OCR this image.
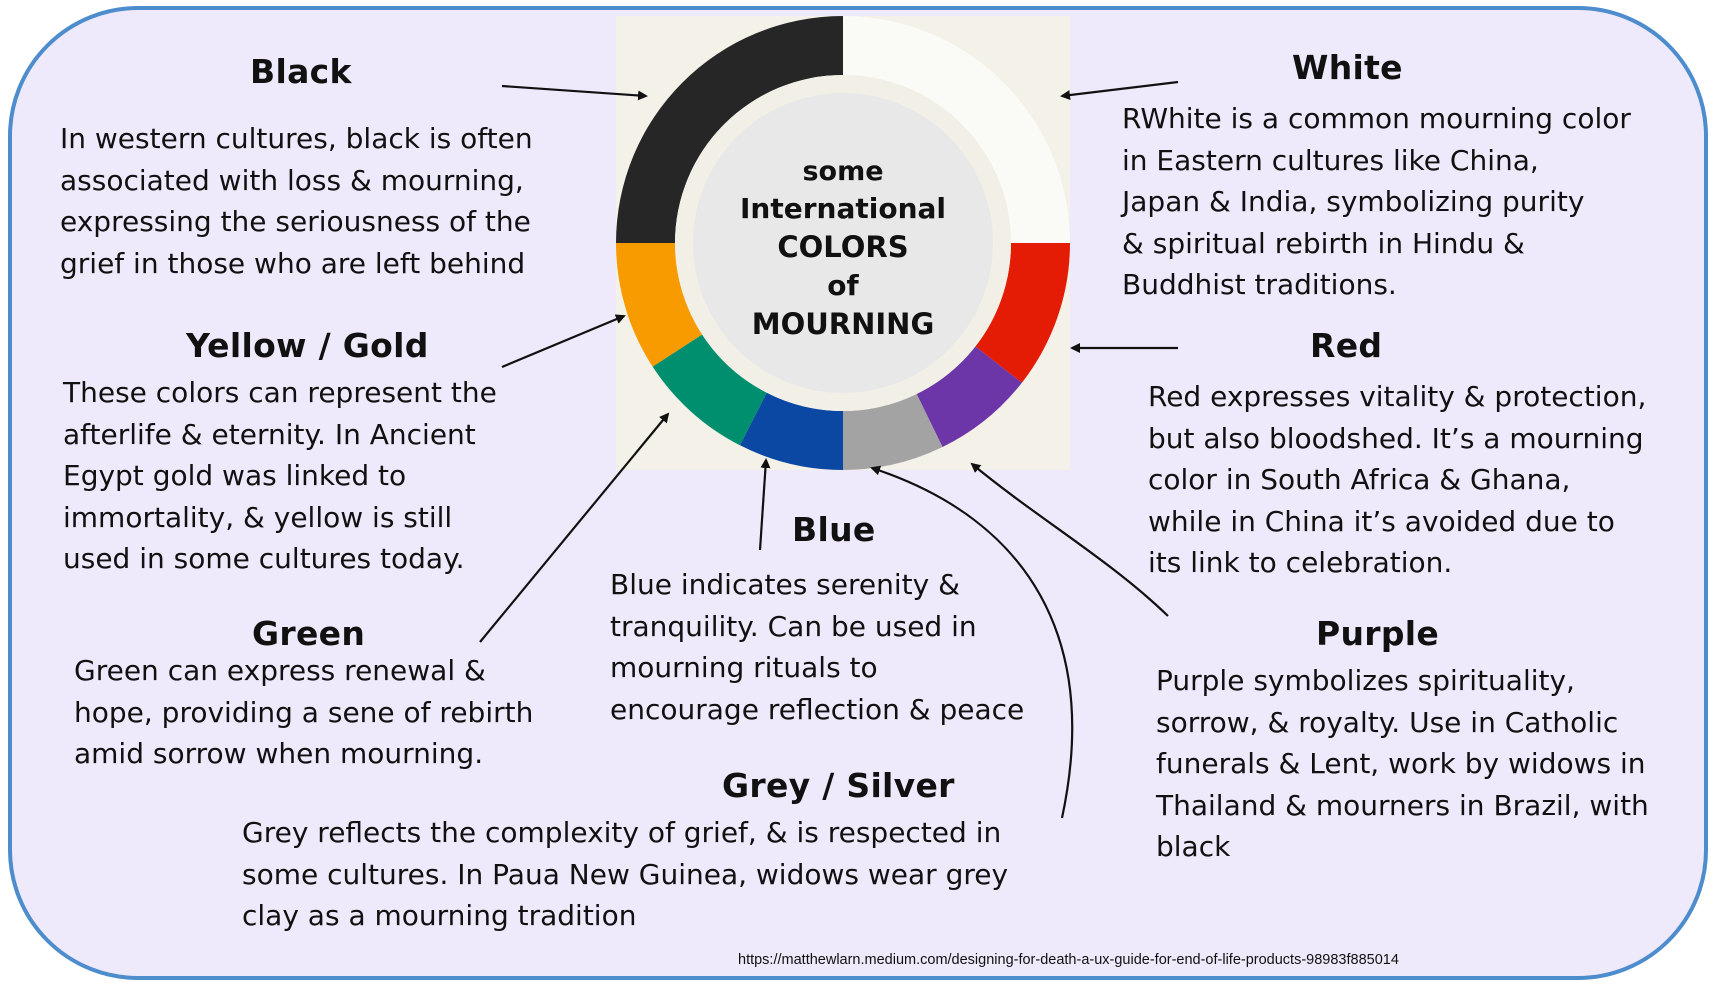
some
International
COLORS
of
MOURNING
Black
In western cultures, black is often
associated with loss & mourning,
expressing the seriousness of the
grief in those who are left behind
White
RWhite is a common mourning color
in Eastern cultures like China,
Japan & India, symbolizing purity
& spiritual rebirth in Hindu &
Buddhist traditions.
Yellow / Gold
These colors can represent the
afterlife & eternity. In Ancient
Egypt gold was linked to
immortality, & yellow is still
used in some cultures today.
Red
Red expresses vitality & protection,
but also bloodshed. It’s a mourning
color in South Africa & Ghana,
while in China it’s avoided due to
its link to celebration.
Blue
Blue indicates serenity &
tranquility. Can be used in
mourning rituals to
encourage reflection & peace
Green
Green can express renewal &
hope, providing a sene of rebirth
amid sorrow when mourning.
Purple
Purple symbolizes spirituality,
sorrow, & royalty. Use in Catholic
funerals & Lent, work by widows in
Thailand & mourners in Brazil, with
black
Grey / Silver
Grey reflects the complexity of grief, & is respected in
some cultures. In Paua New Guinea, widows wear grey
clay as a mourning tradition
https://matthewlarn.medium.com/designing-for-death-a-ux-guide-for-end-of-life-products-98983f885014
